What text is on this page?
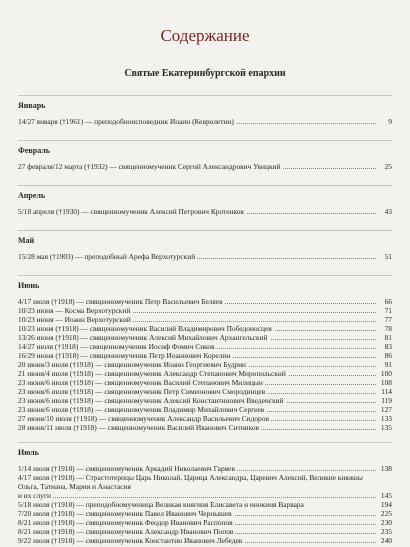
Содержание
Святые Екатеринбургской епархии
Январь
14/27 января (†1961) — преподобноисповедник Иоаин (Кевролетин)	9
Февраль
27 февраля/12 марта (†1932) — священномученик Сергий Александрович Увицкий	25
Апрель
5/18 апреля (†1930) — священномученик Алексий Петрович Кротенков	43
Май
15/28 мая (†1903) — преподобный Арефа Верхотурский	51
Июнь
4/17 июля (†1918) — священномученик Петр Васильевич Беляев	66
10/23 июня — Косма Верхотурский	71
10/23 июня — Иоанн Верхотурский	77
10/23 июня (†1918) — священномученик Василий Владимирович Победоносцев	78
13/26 июня (†1918) — священномученик Алексий Михайлович Архангельский	81
14/27 июля (†1918) — священномученик Иосиф Фомич Сиков	83
16/29 июня (†1918) — священномученик Петр Иоаннович Корелин	86
20 июня/3 июля (†1918) — священномученик Иоанн Георгиевич Будрин	91
21 июня/4 июля (†1918) — священномученик Александр Степанович Миропольский	100
23 июня/6 июля (†1918) — священномученик Василий Степанович Милицын	108
23 июня/6 июля (†1918) — священномученик Петр Симеонович Смородинцев	114
23 июня/6 июля (†1918) — священномученик Алексий Константинович Введенский	119
23 июня/6 июля (†1918) — священномученик Владимир Михайлович Сергеев	127
27 июня/10 июля (†1918) — священномученик Александр Васильевич Сидоров	133
28 июня/11 июля (†1918) — священномученик Василий Иванович Ситников	135
Июль
1/14 июля (†1918) — священномученик Аркадий Николаевич Гаряев	138
4/17 июля (†1918) — Страстотерпцы Царь Николай, Царица Александра, Царевич Алексий, Великие княжны Ольга, Татиана, Мария и Анастасия
и их слуги	145
5/18 июля (†1918) — преподобномученица Великая княгиня Елисавета и инокиня Варвара	194
7/20 июля (†1918) — священномученик Павел Иванович Чернышев	225
8/21 июля (†1918) — священномученик Феодор Иванович Распопов	230
8/21 июля (†1918) — священномученик Александр Иванович Попов	235
9/22 июля (†1918) — священномученик Константин Иванович Лебедев	240
